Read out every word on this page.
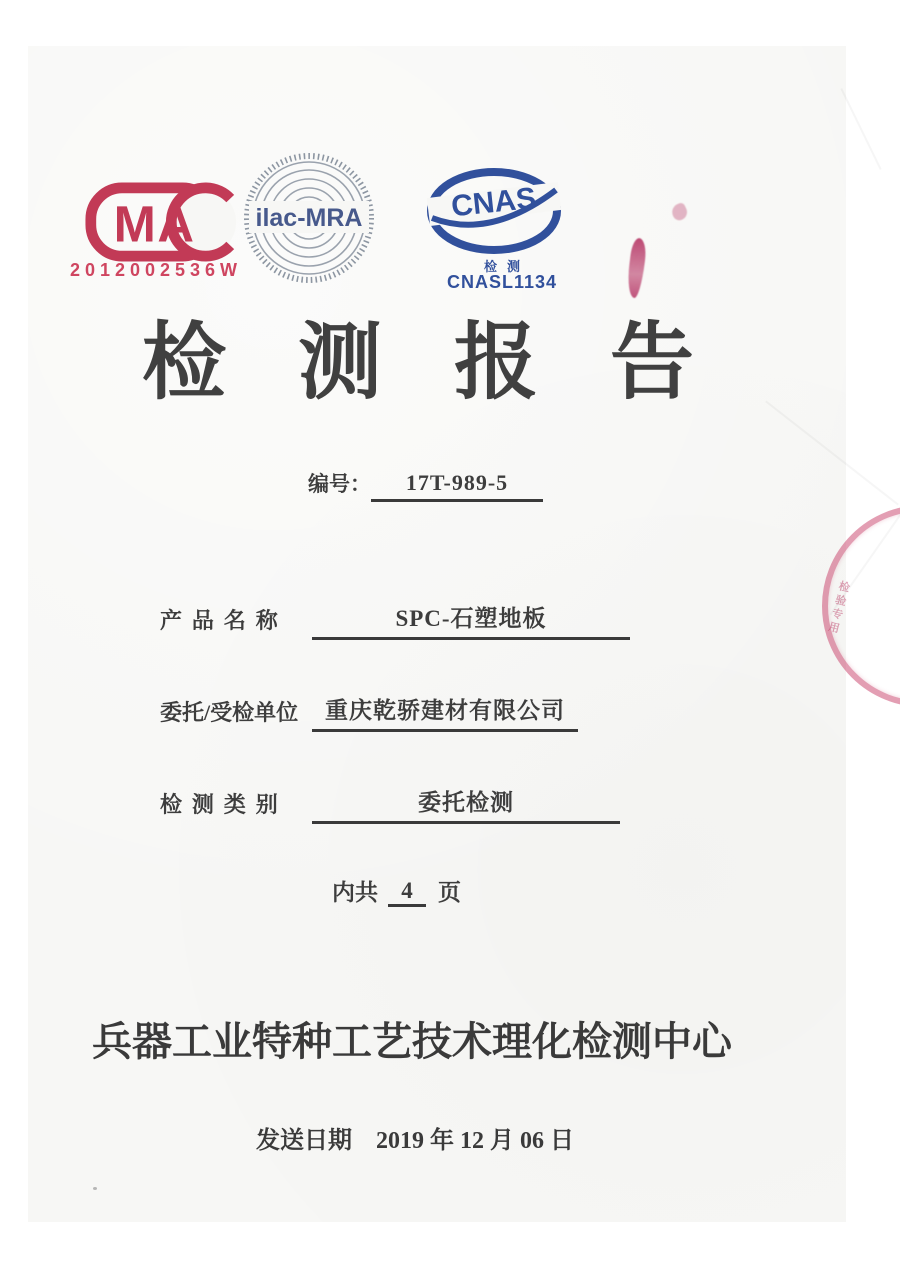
M A
2012002536W
ilac-MRA	CNAS
检测
CNASL1134
检测报告
编号：	17T-989-5
产品名称	SPC-石塑地板
委托/受检单位	重庆乾骄建材有限公司
检测类别	委托检测
内共	4	页
兵器工业特种工艺技术理化检测中心
发送日期 2019 年 12 月 06 日
检验专用
